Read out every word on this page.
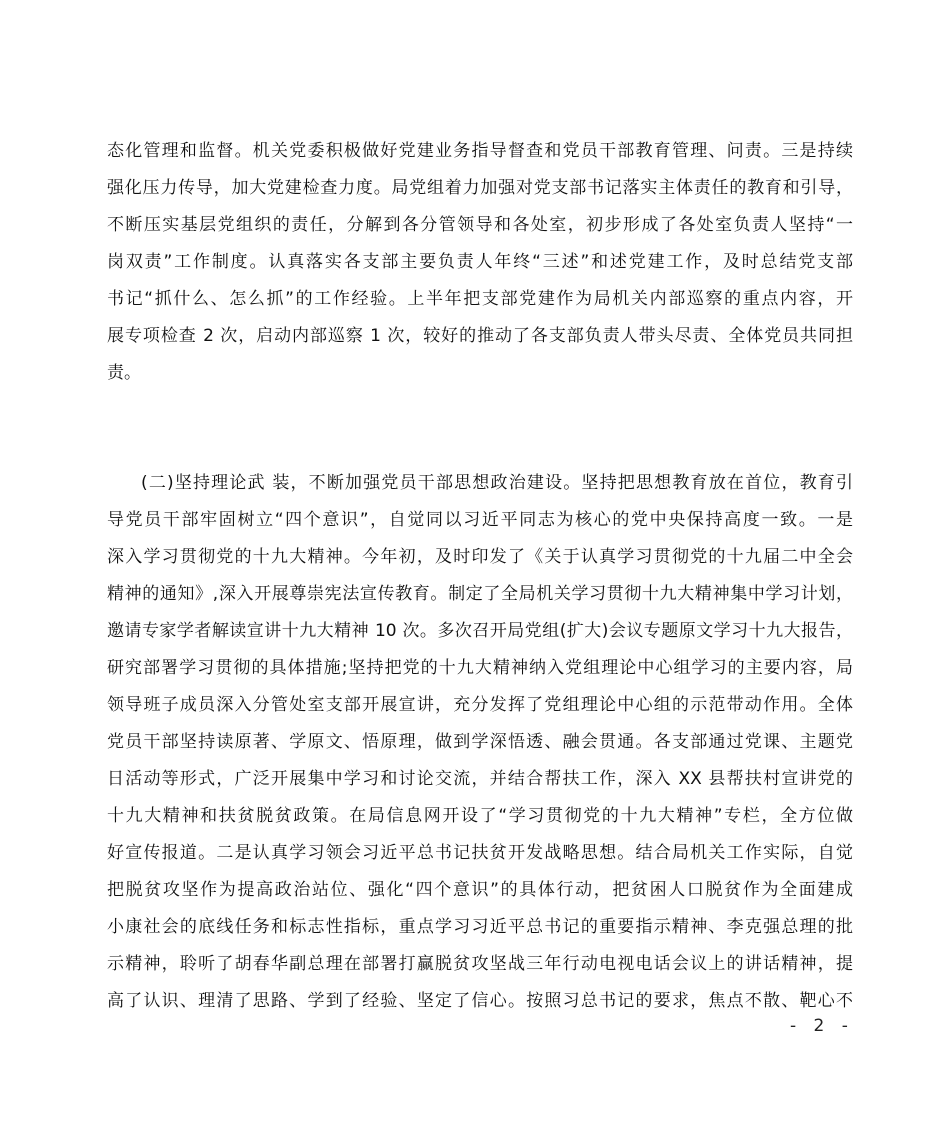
态化管理和监督。机关党委积极做好党建业务指导督查和党员干部教育管理、问责。三是持续
强化压力传导，加大党建检查力度。局党组着力加强对党支部书记落实主体责任的教育和引导，
不断压实基层党组织的责任，分解到各分管领导和各处室，初步形成了各处室负责人坚持“一
岗双责”工作制度。认真落实各支部主要负责人年终“三述”和述党建工作，及时总结党支部
书记“抓什么、怎么抓”的工作经验。上半年把支部党建作为局机关内部巡察的重点内容，开
展专项检查 2 次，启动内部巡察 1 次，较好的推动了各支部负责人带头尽责、全体党员共同担
责。
(二)坚持理论武 装，不断加强党员干部思想政治建设。坚持把思想教育放在首位，教育引
导党员干部牢固树立“四个意识”，自觉同以习近平同志为核心的党中央保持高度一致。一是
深入学习贯彻党的十九大精神。今年初，及时印发了《关于认真学习贯彻党的十九届二中全会
精神的通知》,深入开展尊崇宪法宣传教育。制定了全局机关学习贯彻十九大精神集中学习计划，
邀请专家学者解读宣讲十九大精神 10 次。多次召开局党组(扩大)会议专题原文学习十九大报告，
研究部署学习贯彻的具体措施;坚持把党的十九大精神纳入党组理论中心组学习的主要内容，局
领导班子成员深入分管处室支部开展宣讲，充分发挥了党组理论中心组的示范带动作用。全体
党员干部坚持读原著、学原文、悟原理，做到学深悟透、融会贯通。各支部通过党课、主题党
日活动等形式，广泛开展集中学习和讨论交流，并结合帮扶工作，深入 XX 县帮扶村宣讲党的
十九大精神和扶贫脱贫政策。在局信息网开设了“学习贯彻党的十九大精神”专栏，全方位做
好宣传报道。二是认真学习领会习近平总书记扶贫开发战略思想。结合局机关工作实际，自觉
把脱贫攻坚作为提高政治站位、强化“四个意识”的具体行动，把贫困人口脱贫作为全面建成
小康社会的底线任务和标志性指标，重点学习习近平总书记的重要指示精神、李克强总理的批
示精神，聆听了胡春华副总理在部署打赢脱贫攻坚战三年行动电视电话会议上的讲话精神，提
高了认识、理清了思路、学到了经验、坚定了信心。按照习总书记的要求，焦点不散、靶心不
- 2 -
